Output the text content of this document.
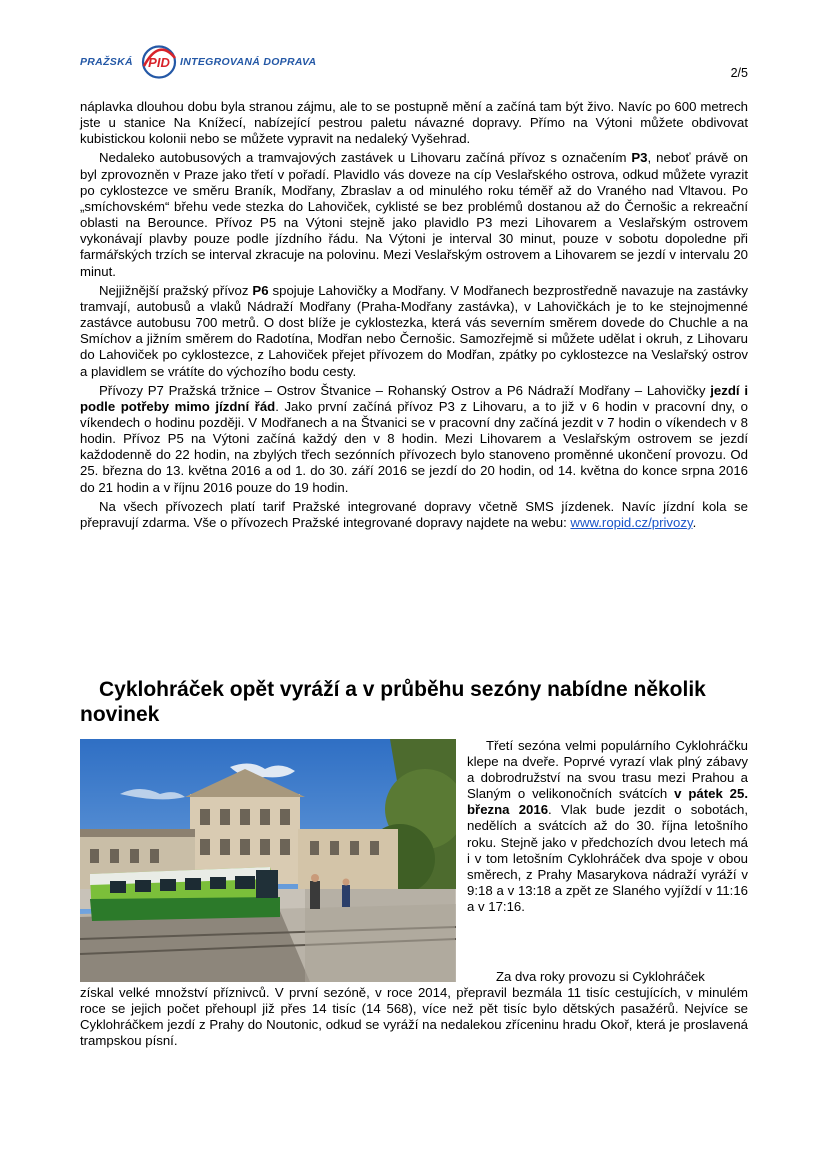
PRAŽSKÁ PID INTEGROVANÁ DOPRAVA
2/5

náplavka dlouhou dobu byla stranou zájmu, ale to se postupně mění a začíná tam být živo. Navíc po 600 metrech jste u stanice Na Knížecí, nabízející pestrou paletu návazné dopravy. Přímo na Výtoni můžete obdivovat kubistickou kolonii nebo se můžete vypravit na nedaleký Vyšehrad.

Nedaleko autobusových a tramvajových zastávek u Lihovaru začíná přívoz s označením P3, neboť právě on byl zprovozněn v Praze jako třetí v pořadí. Plavidlo vás doveze na cíp Veslařského ostrova, odkud můžete vyrazit po cyklostezce ve směru Braník, Modřany, Zbraslav a od minulého roku téměř až do Vraného nad Vltavou. Po „smíchovském“ břehu vede stezka do Lahoviček, cyklisté se bez problémů dostanou až do Černošic a rekreační oblasti na Berounce. Přívoz P5 na Výtoni stejně jako plavidlo P3 mezi Lihovarem a Veslařským ostrovem vykonávají plavby pouze podle jízdního řádu. Na Výtoni je interval 30 minut, pouze v sobotu dopoledne při farmářských trzích se interval zkracuje na polovinu. Mezi Veslařským ostrovem a Lihovarem se jezdí v intervalu 20 minut.

Nejjižnější pražský přívoz P6 spojuje Lahovičky a Modřany. V Modřanech bezprostředně navazuje na zastávky tramvají, autobusů a vlaků Nádraží Modřany (Praha-Modřany zastávka), v Lahovičkách je to ke stejnojmenné zastávce autobusu 700 metrů. O dost blíže je cyklostezka, která vás severním směrem dovede do Chuchle a na Smíchov a jižním směrem do Radotína, Modřan nebo Černošic. Samozřejmě si můžete udělat i okruh, z Lihovaru do Lahoviček po cyklostezce, z Lahoviček přejet přívozem do Modřan, zpátky po cyklostezce na Veslařský ostrov a plavidlem se vrátíte do výchozího bodu cesty.

Přívozy P7 Pražská tržnice – Ostrov Štvanice – Rohanský Ostrov a P6 Nádraží Modřany – Lahovičky jezdí i podle potřeby mimo jízdní řád. Jako první začíná přívoz P3 z Lihovaru, a to již v 6 hodin v pracovní dny, o víkendech o hodinu později. V Modřanech a na Štvanici se v pracovní dny začíná jezdit v 7 hodin o víkendech v 8 hodin. Přívoz P5 na Výtoni začíná každý den v 8 hodin. Mezi Lihovarem a Veslařským ostrovem se jezdí každodenně do 22 hodin, na zbylých třech sezónních přívozech bylo stanoveno proměnné ukončení provozu. Od 25. března do 13. května 2016 a od 1. do 30. září 2016 se jezdí do 20 hodin, od 14. května do konce srpna 2016 do 21 hodin a v říjnu 2016 pouze do 19 hodin.

Na všech přívozech platí tarif Pražské integrované dopravy včetně SMS jízdenek. Navíc jízdní kola se přepravují zdarma. Vše o přívozech Pražské integrované dopravy najdete na webu: www.ropid.cz/privozy.

Cyklohráček opět vyráží a v průběhu sezóny nabídne několik novinek

Třetí sezóna velmi populárního Cyklohráčku klepe na dveře. Poprvé vyrazí vlak plný zábavy a dobrodružství na svou trasu mezi Prahou a Slaným o velikonočních svátcích v pátek 25. března 2016. Vlak bude jezdit o sobotách, nedělích a svátcích až do 30. října letošního roku. Stejně jako v předchozích dvou letech má i v tom letošním Cyklohráček dva spoje v obou směrech, z Prahy Masarykova nádraží vyráží v 9:18 a v 13:18 a zpět ze Slaného vyjíždí v 11:16 a v 17:16.

Za dva roky provozu si Cyklohráček

získal velké množství příznivců. V první sezóně, v roce 2014, přepravil bezmála 11 tisíc cestujících, v minulém roce se jejich počet přehoupl již přes 14 tisíc (14 568), více než pět tisíc bylo dětských pasažérů. Nejvíce se Cyklohráčkem jezdí z Prahy do Noutonic, odkud se vyráží na nedalekou zříceninu hradu Okoř, která je proslavená trampskou písní.
